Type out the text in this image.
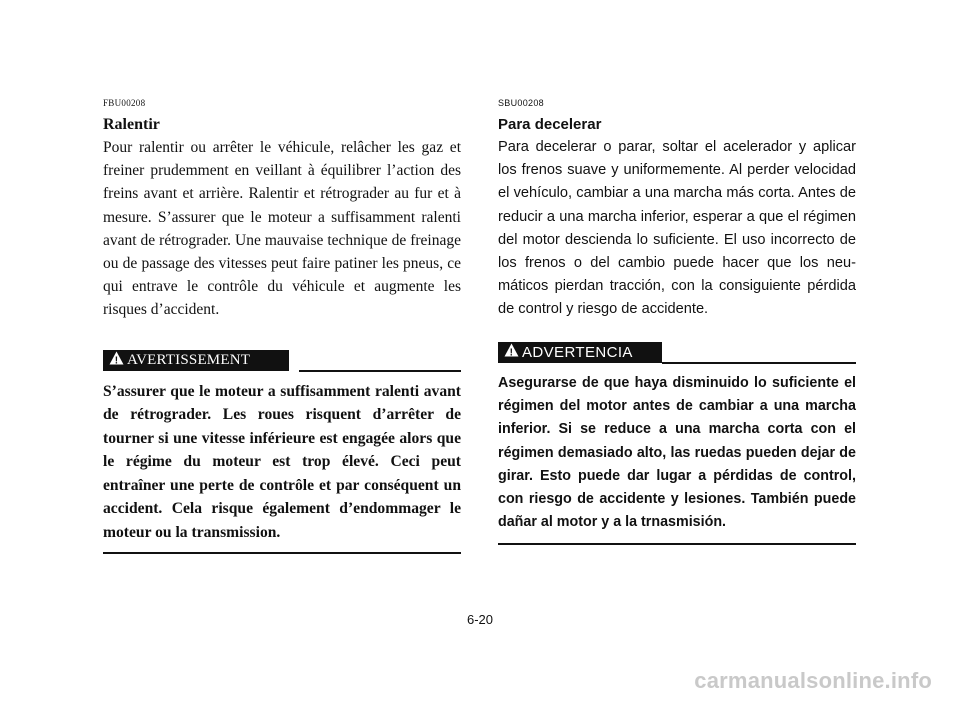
FBU00208
Ralentir

Pour ralentir ou arrêter le véhicule, relâcher les gaz et freiner prudemment en veillant à équilibrer l’action des freins avant et arrière. Ralentir et rétrograder au fur et à mesure. S’assurer que le moteur a suffisamment ralenti avant de rétrograder. Une mauvaise technique de freinage ou de passage des vitesses peut faire patiner les pneus, ce qui entrave le contrôle du véhicule et augmente les risques d’accident.

! AVERTISSEMENT

S’assurer que le moteur a suffisamment ralenti avant de rétrograder. Les roues risquent d’arrêter de tourner si une vitesse inférieure est engagée alors que le régime du moteur est trop élevé. Ceci peut entraîner une perte de contrôle et par conséquent un accident. Cela risque également d’endommager le moteur ou la transmission.

SBU00208
Para decelerar

Para decelerar o parar, soltar el acelerador y aplicar los frenos suave y uniformemente. Al perder velocidad el vehículo, cambiar a una marcha más corta. Antes de reducir a una marcha inferior, esperar a que el régimen del motor descienda lo suficiente. El uso incorrecto de los frenos o del cambio puede hacer que los neumáticos pierdan tracción, con la consiguiente pérdida de control y riesgo de accidente.

! ADVERTENCIA

Asegurarse de que haya disminuido lo suficiente el régimen del motor antes de cambiar a una marcha inferior. Si se reduce a una marcha corta con el régimen demasiado alto, las ruedas pueden dejar de girar. Esto puede dar lugar a pérdidas de control, con riesgo de accidente y lesiones. También puede dañar al motor y a la trnasmisión.

6-20
carmanualsonline.info
